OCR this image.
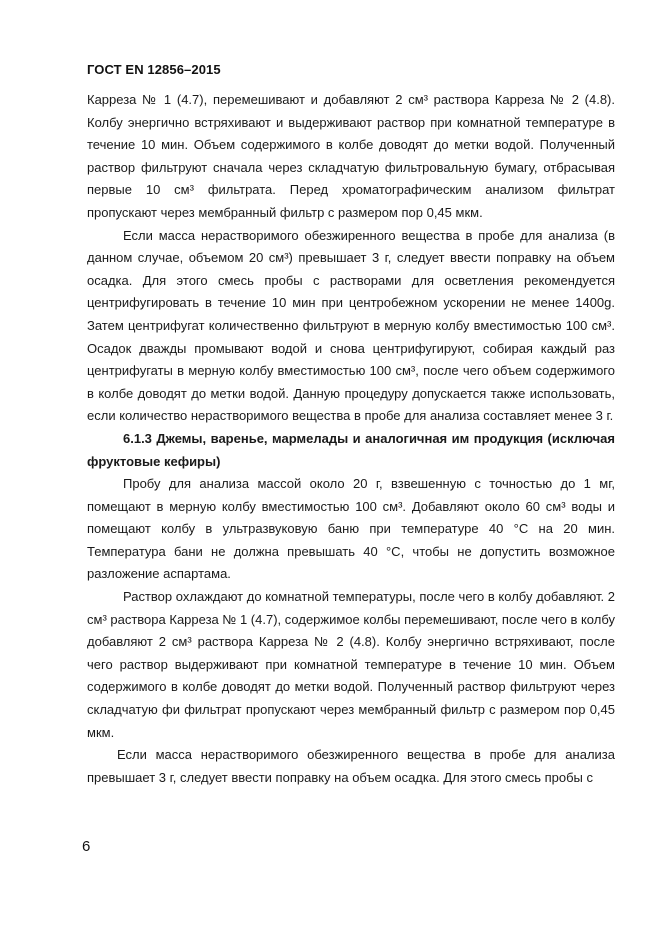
ГОСТ EN 12856–2015

Карреза № 1 (4.7), перемешивают и добавляют 2 см³ раствора Карреза № 2 (4.8). Колбу энергично встряхивают и выдерживают раствор при комнатной температуре в течение 10 мин. Объем содержимого в колбе доводят до метки водой. Полученный раствор фильтруют сначала через складчатую фильтровальную бумагу, отбрасывая первые 10 см³ фильтрата. Перед хроматографическим анализом фильтрат пропускают через мембранный фильтр с размером пор 0,45 мкм.

Если масса нерастворимого обезжиренного вещества в пробе для анализа (в данном случае, объемом 20 см³) превышает 3 г, следует ввести поправку на объем осадка. Для этого смесь пробы с растворами для осветления рекомендуется центрифугировать в течение 10 мин при центробежном ускорении не менее 1400g. Затем центрифугат количественно фильтруют в мерную колбу вместимостью 100 см³. Осадок дважды промывают водой и снова центрифугируют, собирая каждый раз центрифугаты в мерную колбу вместимостью 100 см³, после чего объем содержимого в колбе доводят до метки водой. Данную процедуру допускается также использовать, если количество нерастворимого вещества в пробе для анализа составляет менее 3 г.

6.1.3 Джемы, варенье, мармелады и аналогичная им продукция (исключая фруктовые кефиры)

Пробу для анализа массой около 20 г, взвешенную с точностью до 1 мг, помещают в мерную колбу вместимостью 100 см³. Добавляют около 60 см³ воды и помещают колбу в ультразвуковую баню при температуре 40 °С на 20 мин. Температура бани не должна превышать 40 °С, чтобы не допустить возможное разложение аспартама.

Раствор охлаждают до комнатной температуры, после чего в колбу добавляют. 2 см³ раствора Карреза № 1 (4.7), содержимое колбы перемешивают, после чего в колбу добавляют 2 см³ раствора Карреза № 2 (4.8). Колбу энергично встряхивают, после чего раствор выдерживают при комнатной температуре в течение 10 мин. Объем содержимого в колбе доводят до метки водой. Полученный раствор фильтруют через складчатую фи фильтрат пропускают через мембранный фильтр с размером пор 0,45 мкм.

Если масса нерастворимого обезжиренного вещества в пробе для анализа превышает 3 г, следует ввести поправку на объем осадка. Для этого смесь пробы с

6
